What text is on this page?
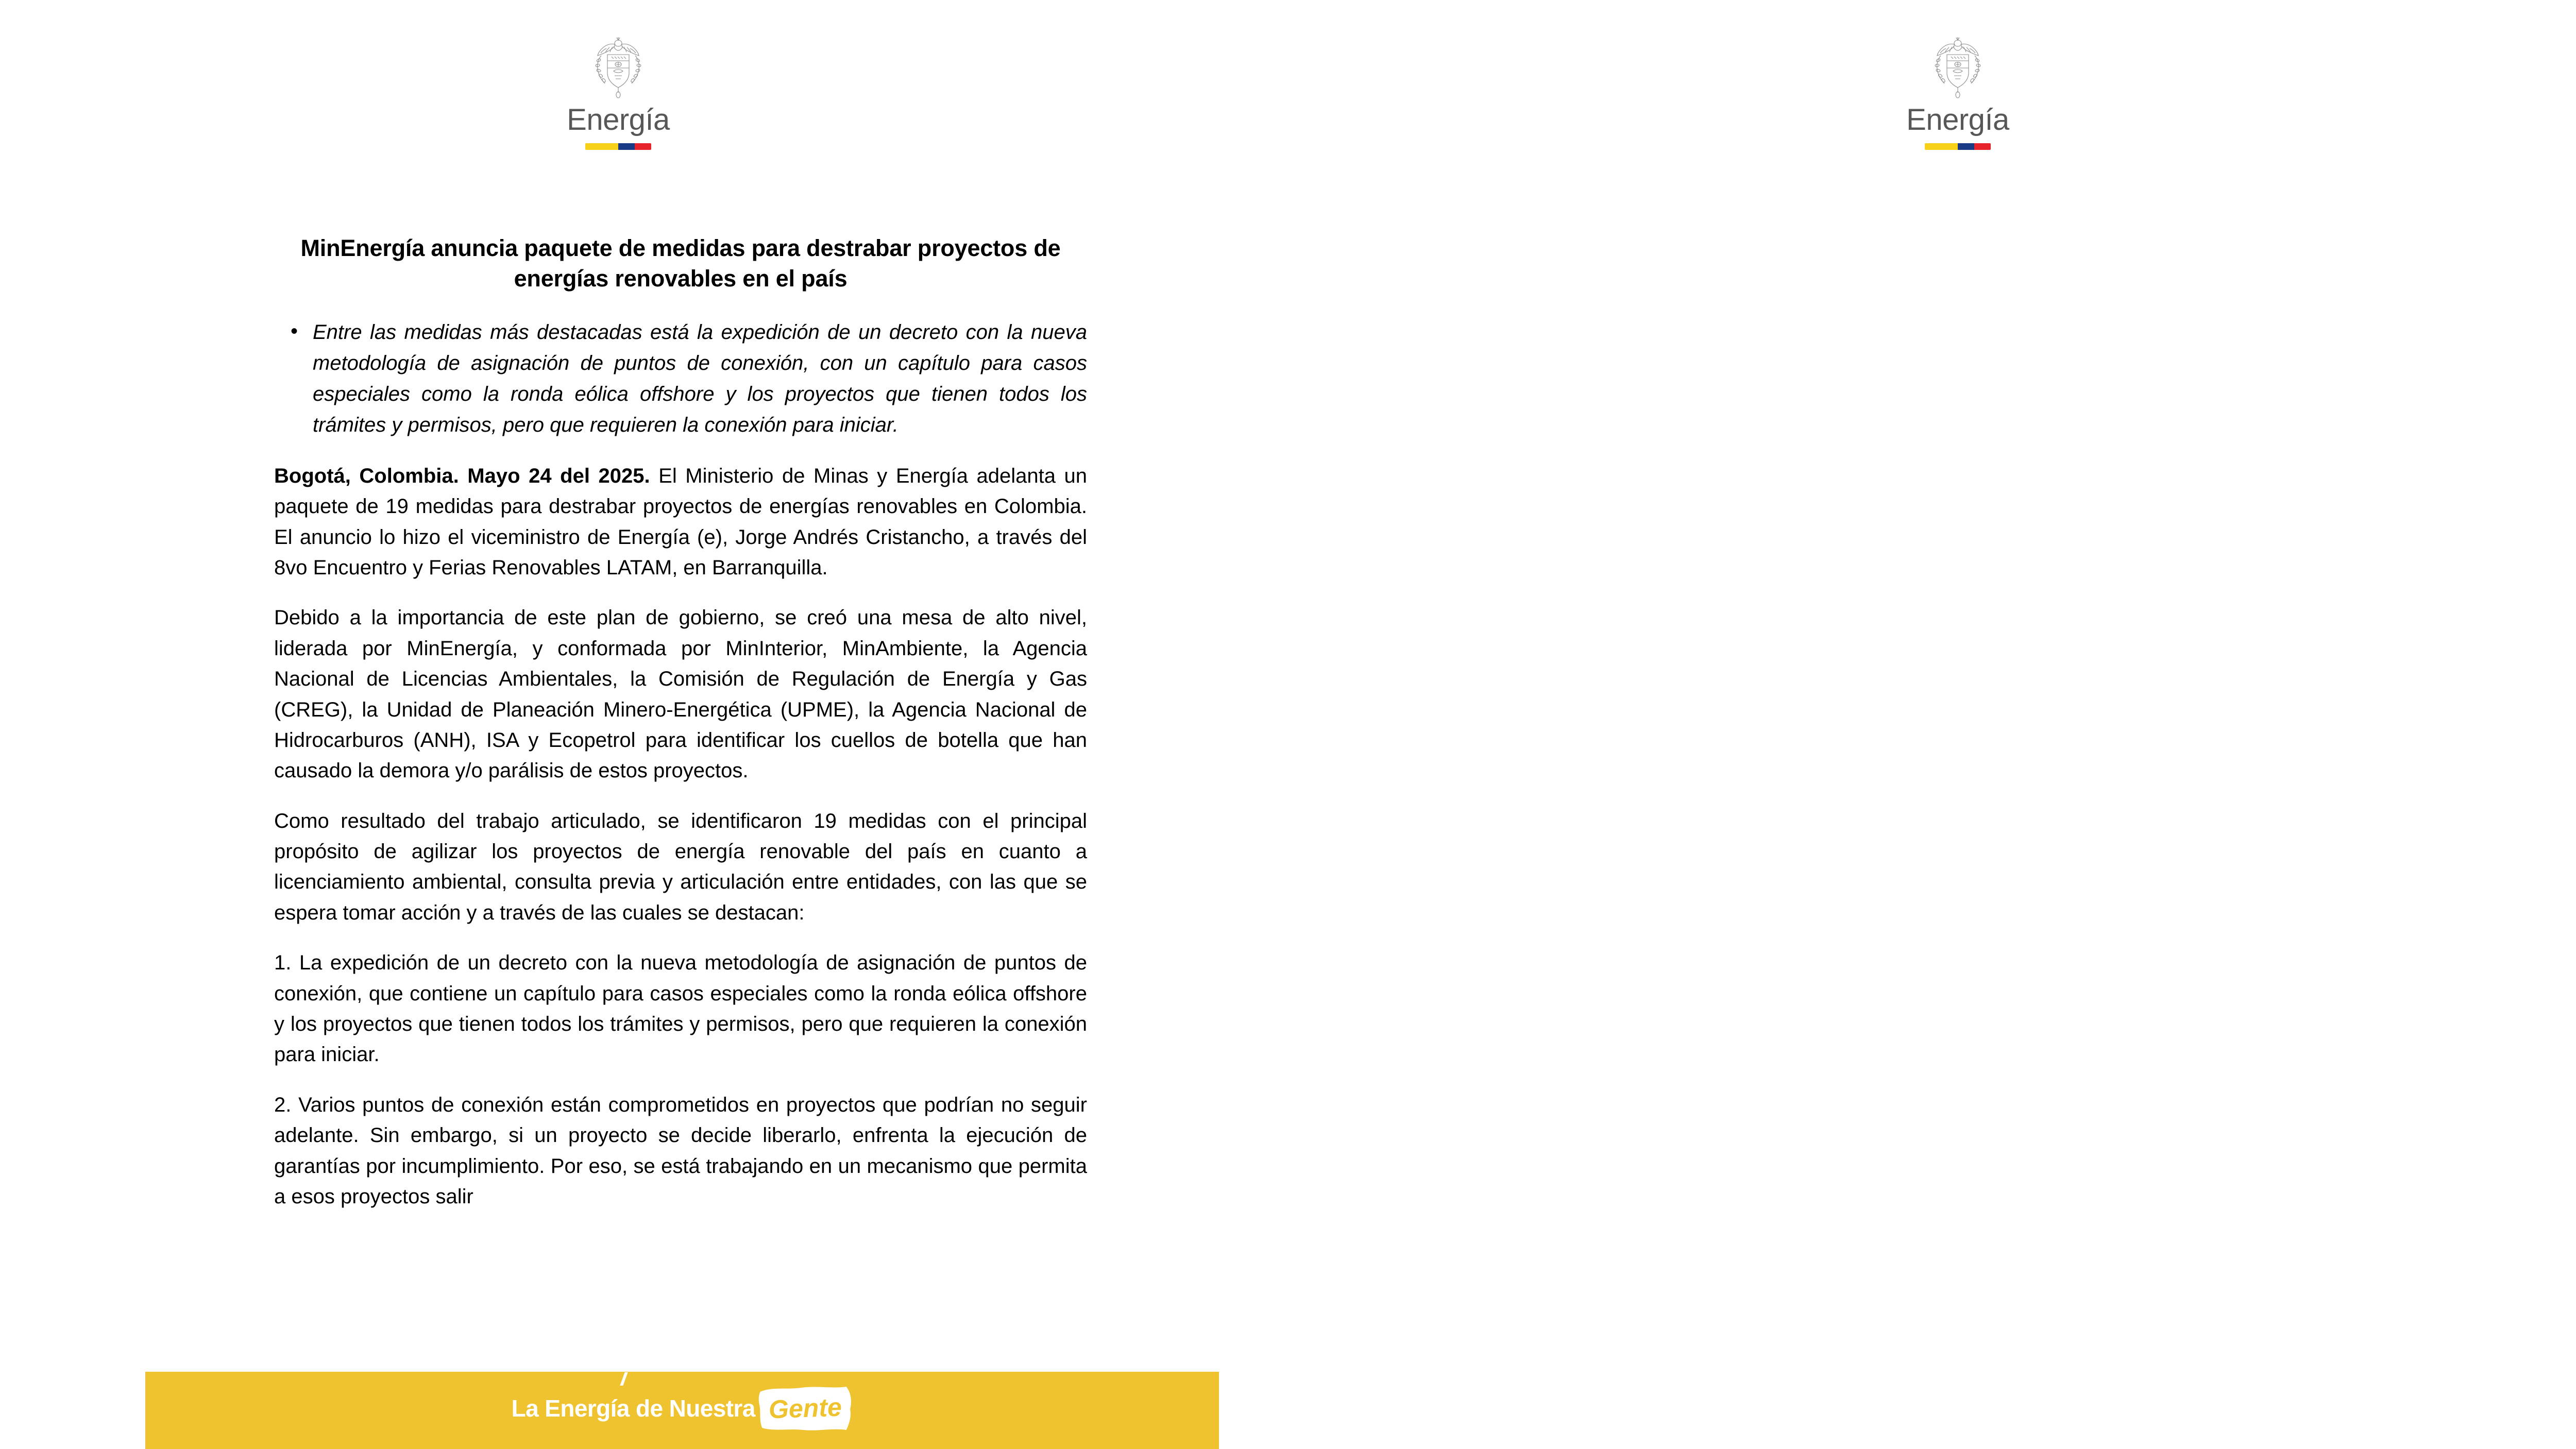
Energía
MinEnergía anuncia paquete de medidas para destrabar proyectos de energías renovables en el país
• Entre las medidas más destacadas está la expedición de un decreto con la nueva metodología de asignación de puntos de conexión, con un capítulo para casos especiales como la ronda eólica offshore y los proyectos que tienen todos los trámites y permisos, pero que requieren la conexión para iniciar.

Bogotá, Colombia. Mayo 24 del 2025. El Ministerio de Minas y Energía adelanta un paquete de 19 medidas para destrabar proyectos de energías renovables en Colombia. El anuncio lo hizo el viceministro de Energía (e), Jorge Andrés Cristancho, a través del 8vo Encuentro y Ferias Renovables LATAM, en Barranquilla.

Debido a la importancia de este plan de gobierno, se creó una mesa de alto nivel, liderada por MinEnergía, y conformada por MinInterior, MinAmbiente, la Agencia Nacional de Licencias Ambientales, la Comisión de Regulación de Energía y Gas (CREG), la Unidad de Planeación Minero-Energética (UPME), la Agencia Nacional de Hidrocarburos (ANH), ISA y Ecopetrol para identificar los cuellos de botella que han causado la demora y/o parálisis de estos proyectos.

Como resultado del trabajo articulado, se identificaron 19 medidas con el principal propósito de agilizar los proyectos de energía renovable del país en cuanto a licenciamiento ambiental, consulta previa y articulación entre entidades, con las que se espera tomar acción y a través de las cuales se destacan:

1. La expedición de un decreto con la nueva metodología de asignación de puntos de conexión, que contiene un capítulo para casos especiales como la ronda eólica offshore y los proyectos que tienen todos los trámites y permisos, pero que requieren la conexión para iniciar.

2. Varios puntos de conexión están comprometidos en proyectos que podrían no seguir adelante. Sin embargo, si un proyecto se decide liberarlo, enfrenta la ejecución de garantías por incumplimiento. Por eso, se está trabajando en un mecanismo que permita a esos proyectos salir

La Energía de Nuestra Gente
Energía
